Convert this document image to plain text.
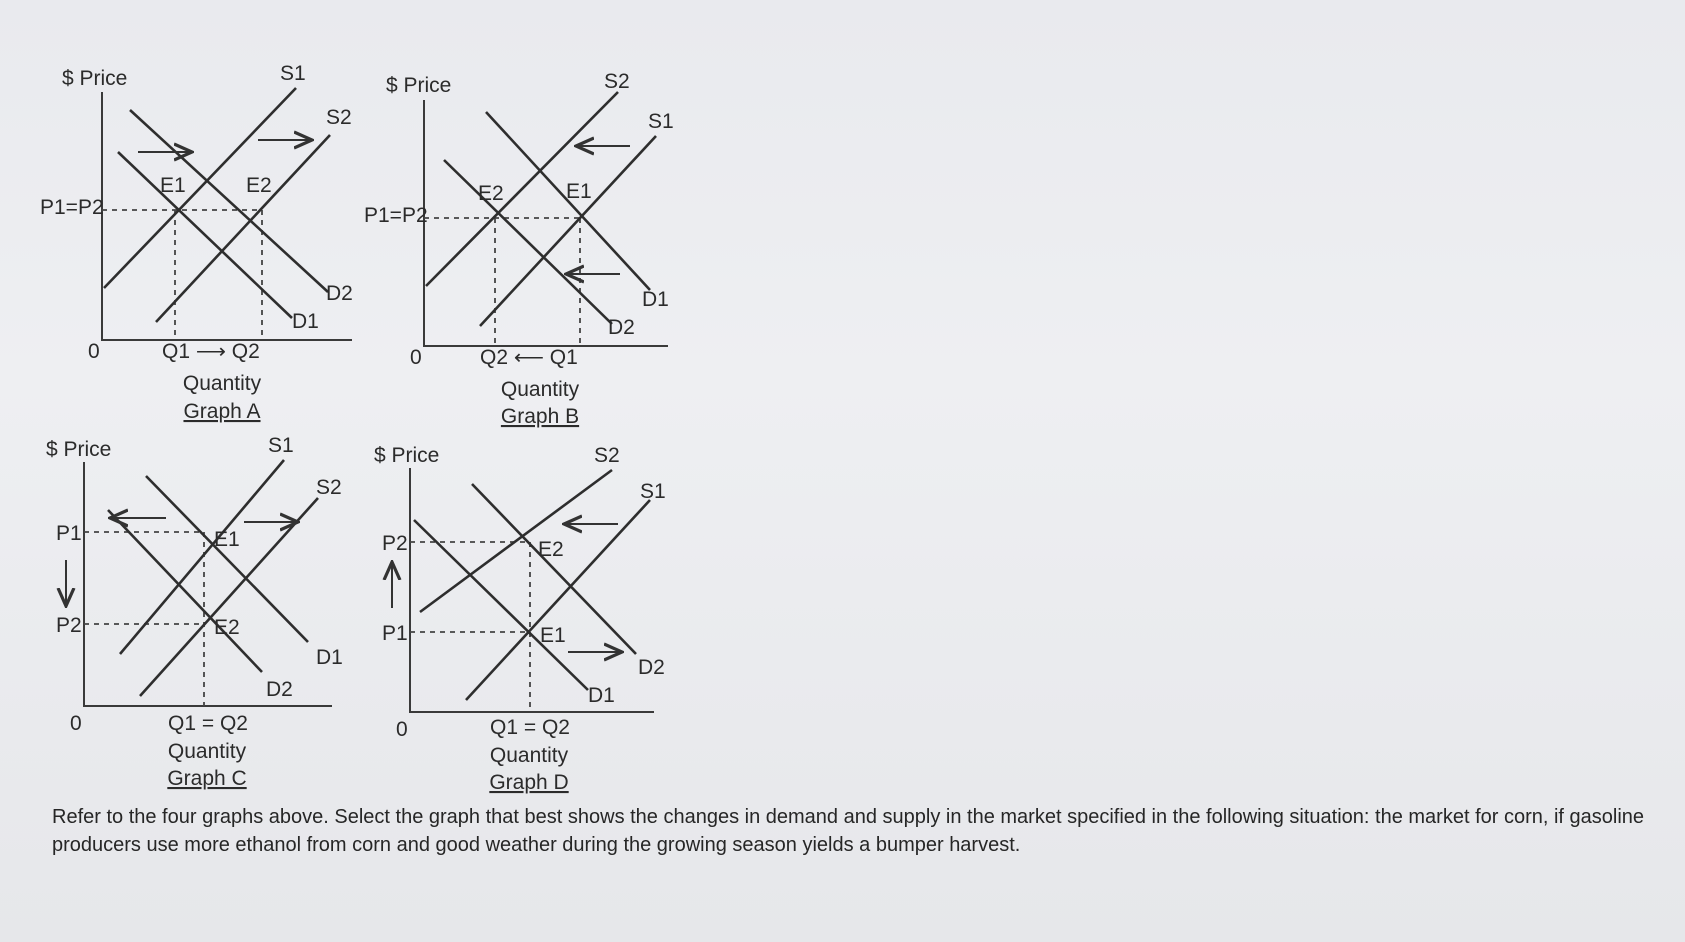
$ Price
P1=P2
S1
S2
D1
D2
E1	E2
0	Q1 ⟶ Q2
Quantity
Graph A
$ Price
P1=P2
S2
S1
D1
D2
E2	E1
0	Q2 ⟵ Q1
Quantity
Graph B
$ Price
P1
P2
S1
S2
D1
D2
E1
E2
0	Q1 = Q2
Quantity
Graph C
$ Price
P2
P1
S2
S1
D1
D2
E2
E1
0	Q1 = Q2
Quantity
Graph D

Refer to the four graphs above. Select the graph that best shows the changes in demand and supply in the market specified in the following situation: the market for corn, if gasoline producers use more ethanol from corn and good weather during the growing season yields a bumper harvest.
